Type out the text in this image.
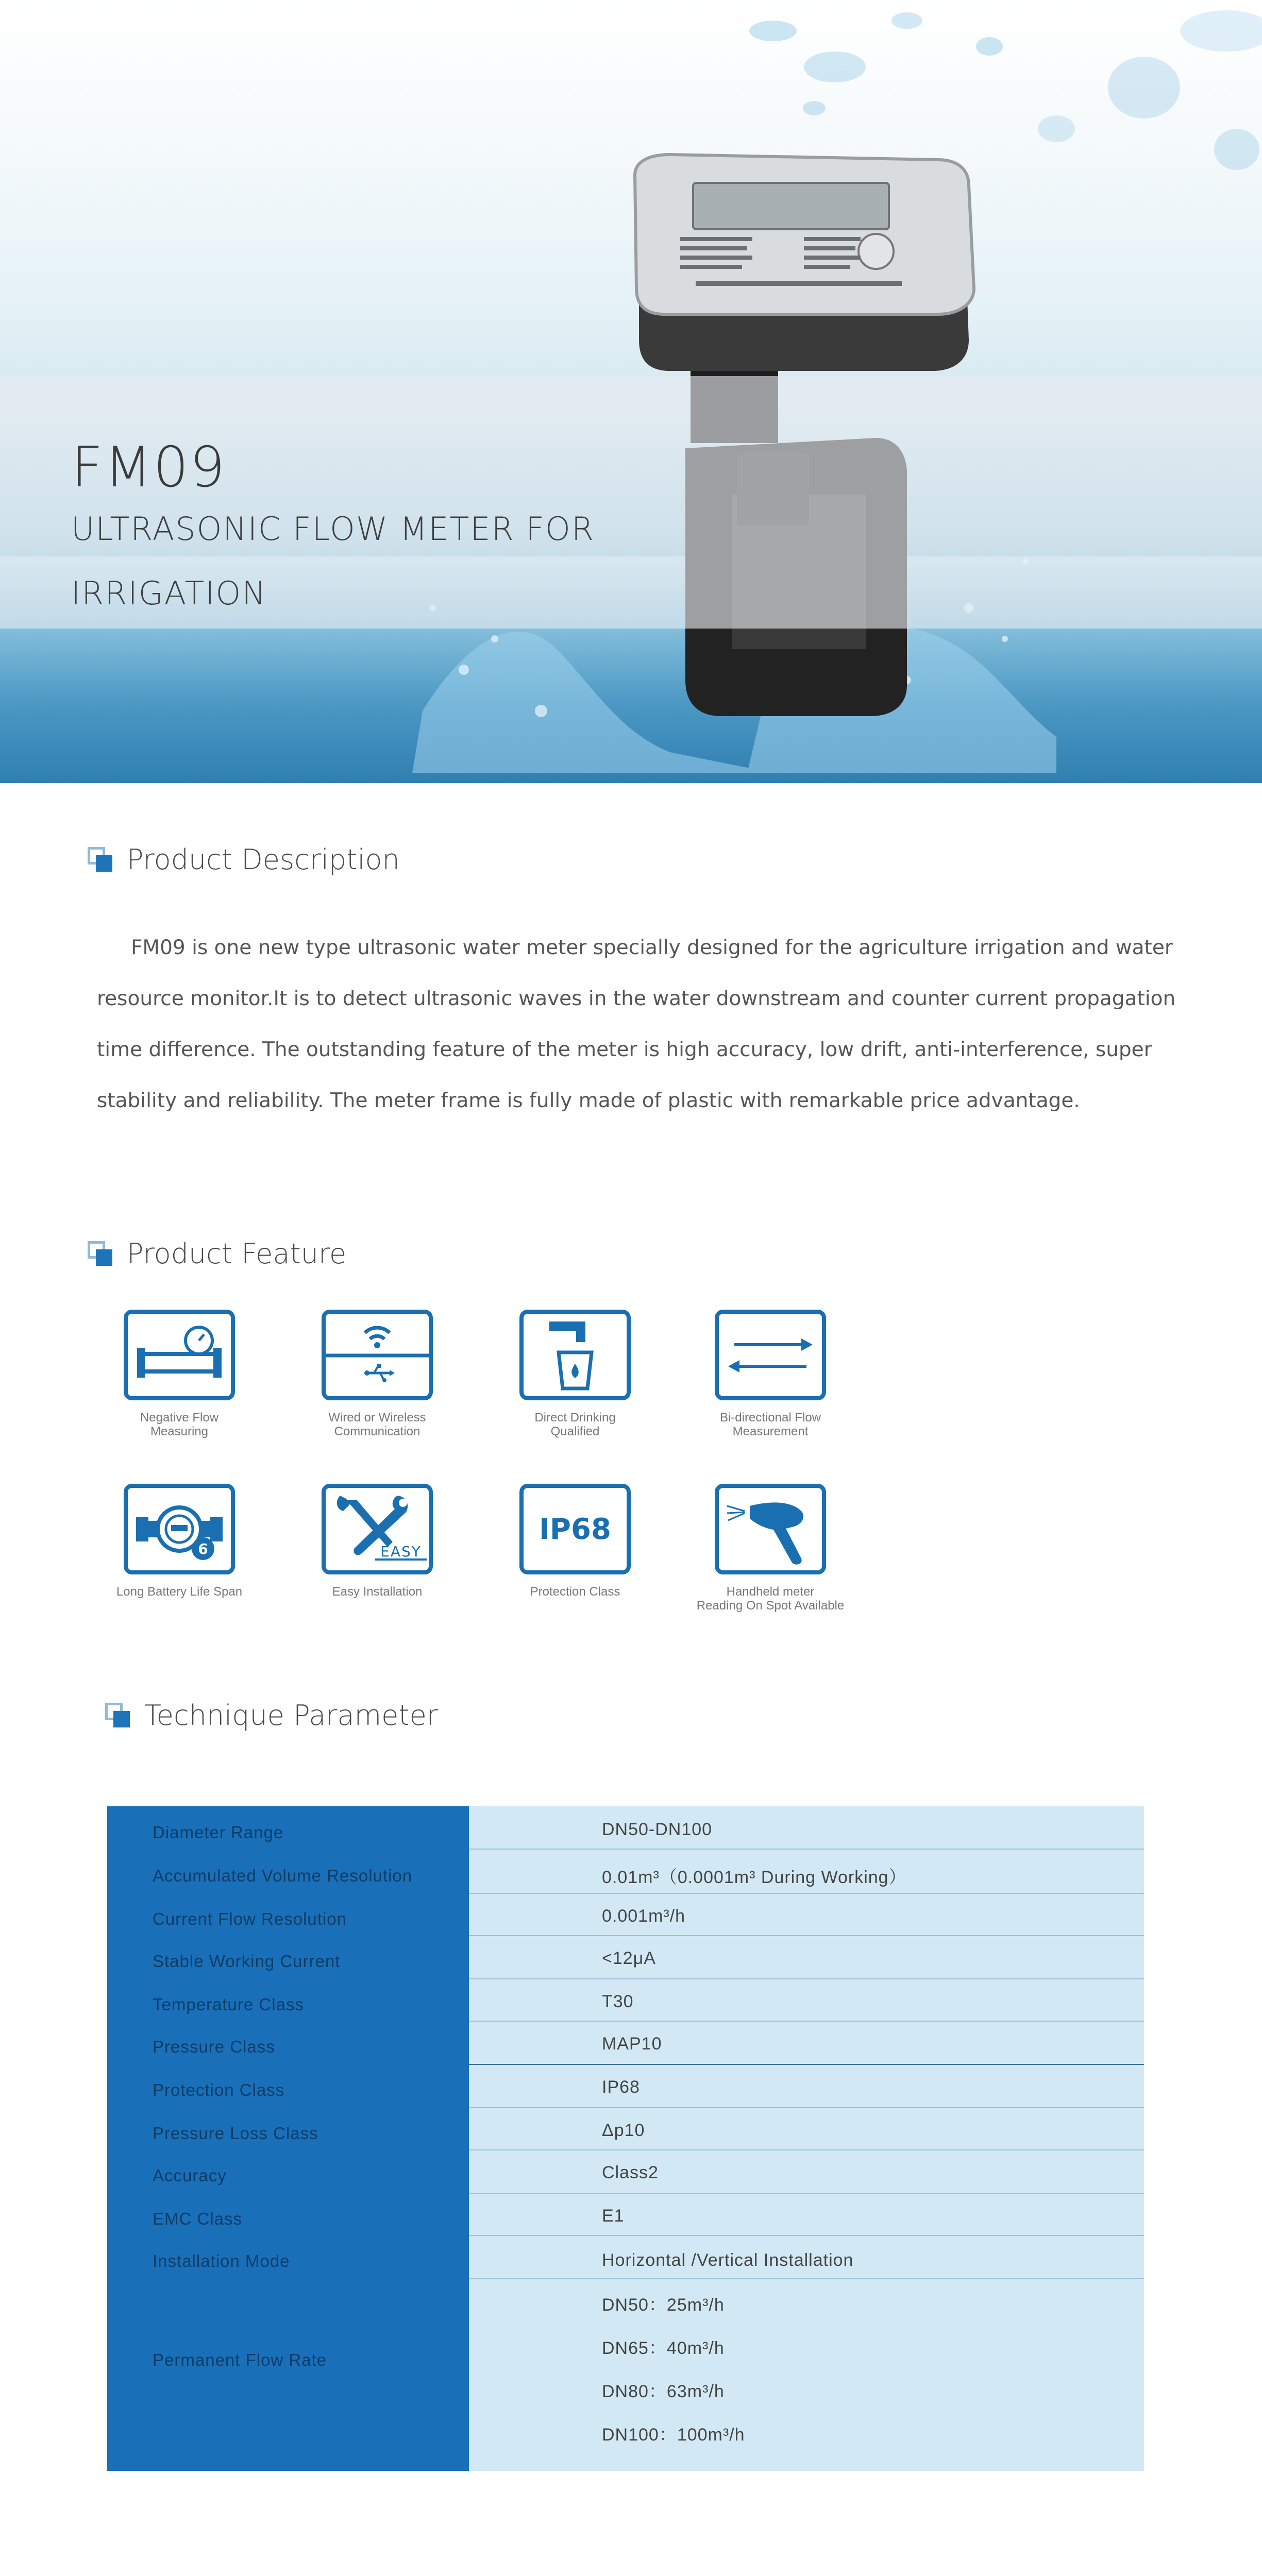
FM09
ULTRASONIC FLOW METER FOR
IRRIGATION
Product Description
FM09 is one new type ultrasonic water meter specially designed for the agriculture irrigation and water resource monitor.It is to detect ultrasonic waves in the water downstream and counter current propagation time difference. The outstanding feature of the meter is high accuracy, low drift, anti-interference, super stability and reliability. The meter frame is fully made of plastic with remarkable price advantage.
Product Feature
Negative Flow
Measuring
Wired or Wireless
Communication
Direct Drinking
Qualified
Bi-directional Flow
Measurement
6
Long Battery Life Span
EASY
Easy Installation
IP68
Protection Class	Handheld meter
Reading On Spot Available
Technique Parameter
Diameter Range	DN50-DN100
Accumulated Volume Resolution	0.01m³（0.0001m³ During Working）
Current Flow Resolution	0.001m³/h
Stable Working Current	<12μA
Temperature Class	T30
Pressure Class	MAP10
Protection Class	IP68
Pressure Loss Class	Δp10
Accuracy	Class2
EMC Class	E1
Installation Mode	Horizontal /Vertical Installation
Permanent Flow Rate
DN50：25m³/h
DN65：40m³/h
DN80：63m³/h
DN100：100m³/h
